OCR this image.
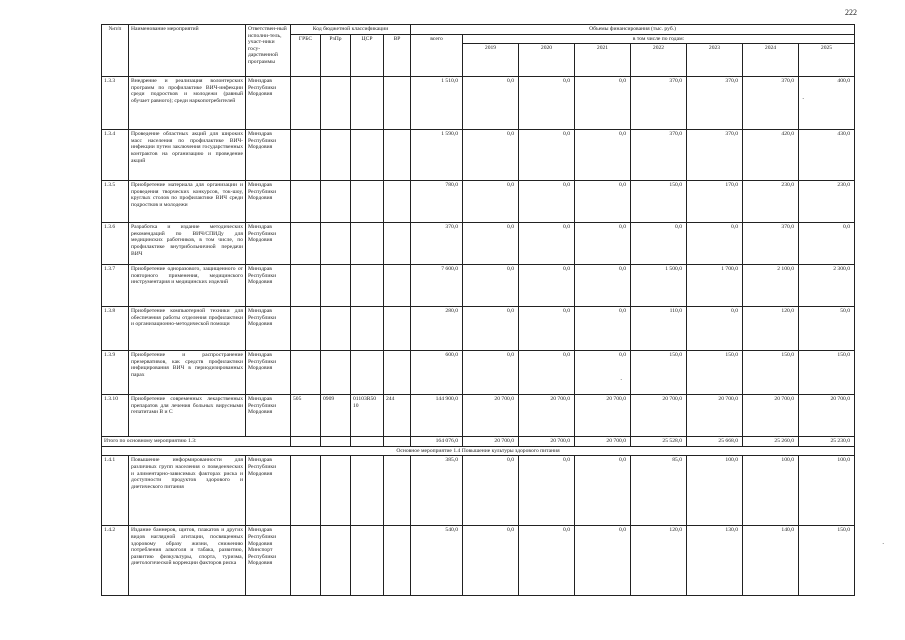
222
№п/п	Наименование мероприятий	Ответствен-ный исполни-тель, участ-ники госу-дарственной программы	Код бюджетной классификации				Объемы финансирования (тыс. руб.)							
			ГРБС	РзПр	ЦСР	ВР	всего	в том числе по годам:						
								2019	2020	2021	2022	2023	2024	2025
1.3.3	Внедрение и реализация волонтерских программ по профилактике ВИЧ-инфекции среди подростков и молодежи (равный обучает равного); среди наркопотребителей	Минздрав Республики Мордовия					1 510,0	0,0	0,0	0,0	370,0	370,0	370,0	400,0
1.3.4	Проведение областных акций для широких масс населения по профилактике ВИЧ-инфекции путем заключения государственных контрактов на организацию и проведение акций	Минздрав Республики Мордовия					1 590,0	0,0	0,0	0,0	370,0	370,0	420,0	430,0
1.3.5	Приобретение материала для организации и проведения творческих конкурсов, ток-шоу, круглых столов по профилактике ВИЧ среди подростков и молодежи	Минздрав Республики Мордовия					780,0	0,0	0,0	0,0	150,0	170,0	230,0	230,0
1.3.6	Разработка и издание методических рекомендаций по ВИЧ/СПИДу для медицинских работников, в том числе, по профилактике внутрибольничной передачи ВИЧ	Минздрав Республики Мордовия					370,0	0,0	0,0	0,0	0,0	0,0	370,0	0,0
1.3.7	Приобретение одноразового, защищенного от повторного применения, медицинского инструментария и медицинских изделий	Минздрав Республики Мордовия					7 600,0	0,0	0,0	0,0	1 500,0	1 700,0	2 100,0	2 300,0
1.3.8	Приобретение компьютерной техники для обеспечения работы отделения профилактики и организационно-методической помощи	Минздрав Республики Мордовия					280,0	0,0	0,0	0,0	110,0	0,0	120,0	50,0
1.3.9	Приобретение и распространение презервативов, как средств профилактики инфицирования ВИЧ в периодизированных парах	Минздрав Республики Мордовия					600,0	0,0	0,0	0,0	150,0	150,0	150,0	150,0
1.3.10	Приобретение современных лекарственных препаратов для лечения больных вирусными гепатитами В и С	Минздрав Республики Мордовия	505	0909	01103R50 10	244	144 900,0	20 700,0	20 700,0	20 700,0	20 700,0	20 700,0	20 700,0	20 700,0
Итого по основному мероприятию 1.3:							164 076,0	20 700,0	20 700,0	20 700,0	25 528,0	25 668,0	25 260,0	25 230,0
Основное мероприятие 1.4 Повышение культуры здорового питания														
1.4.1	Повышение информированности для различных групп населения о поведенческих и алиментарно-зависимых факторах риска и доступности продуктов здорового и диетического питания	Минздрав Республики Мордовия					385,0	0,0	0,0	0,0	85,0	100,0	100,0	100,0
1.4.2	Издание баннеров, щитов, плакатов и других видов наглядной агитации, посвященных здоровому образу жизни, снижению потребления алкоголя и табака, развитию, развитию физкультуры, спорта, туризма, диетологической коррекции факторов риска	Минздрав Республики Мордовия Минспорт Республики Мордовия					540,0	0,0	0,0	0,0	120,0	130,0	140,0	150,0
·
·
·
